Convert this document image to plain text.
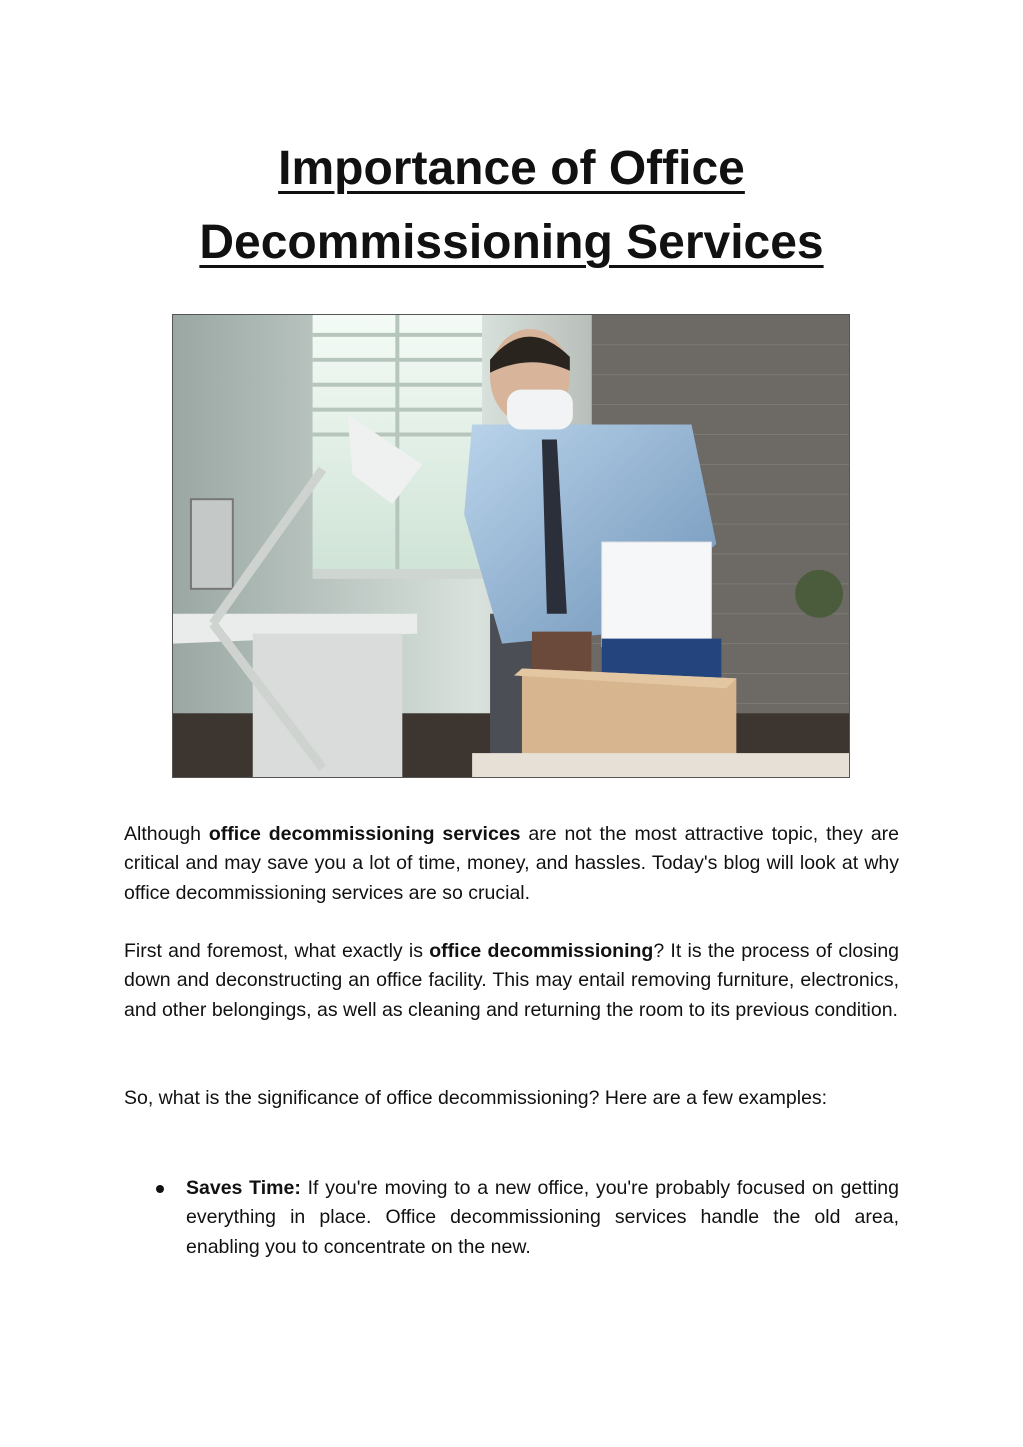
Importance of Office
Decommissioning Services

Although office decommissioning services are not the most attractive topic, they are critical and may save you a lot of time, money, and hassles. Today's blog will look at why office decommissioning services are so crucial.

First and foremost, what exactly is office decommissioning? It is the process of closing down and deconstructing an office facility. This may entail removing furniture, electronics, and other belongings, as well as cleaning and returning the room to its previous condition.

So, what is the significance of office decommissioning? Here are a few examples:

Saves Time: If you're moving to a new office, you're probably focused on getting everything in place. Office decommissioning services handle the old area, enabling you to concentrate on the new.
